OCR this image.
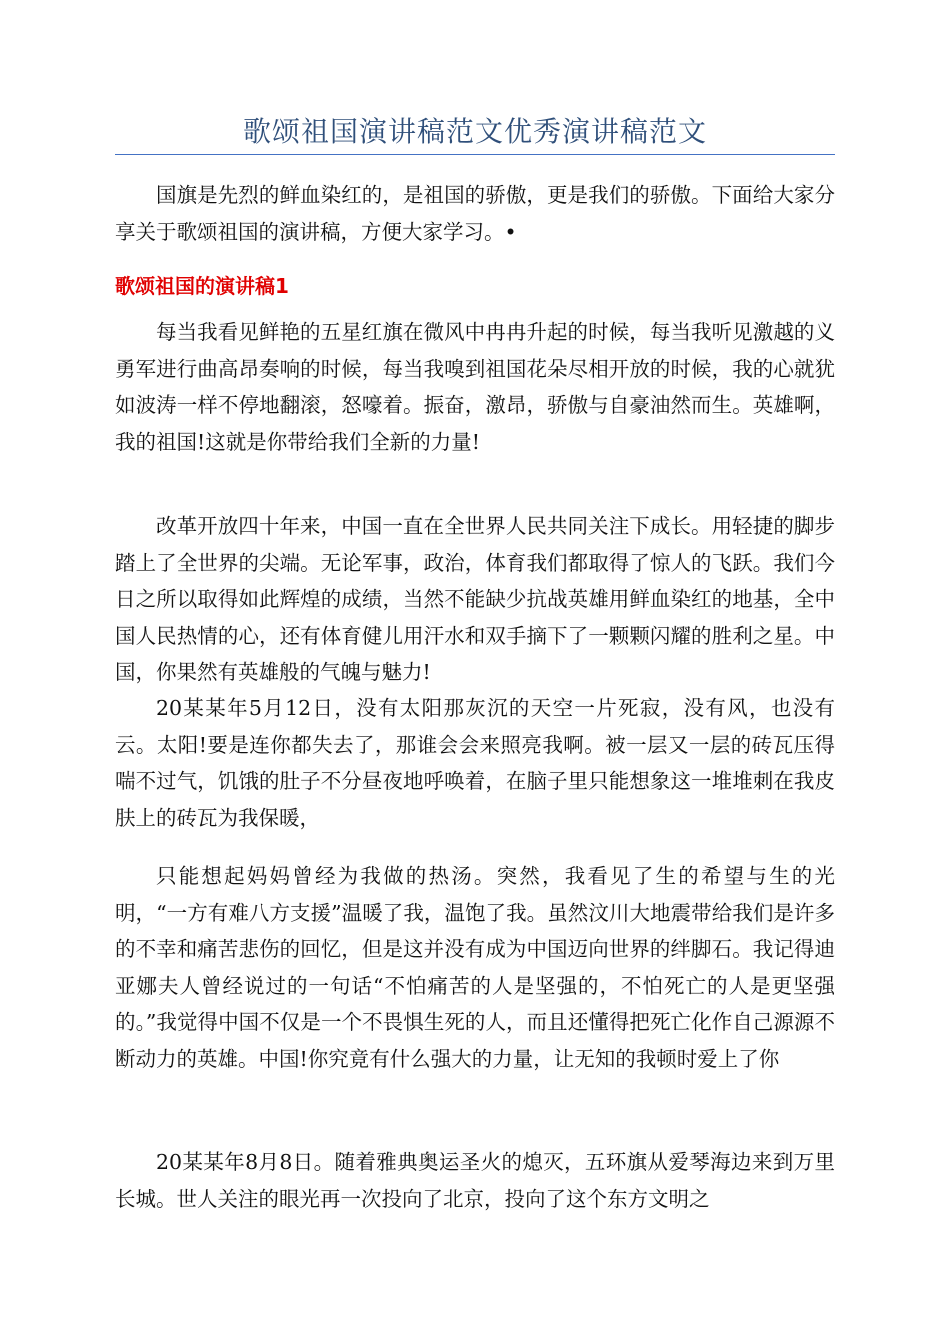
歌颂祖国演讲稿范文优秀演讲稿范文

国旗是先烈的鲜血染红的，是祖国的骄傲，更是我们的骄傲。下面给大家分享关于歌颂祖国的演讲稿，方便大家学习。•

歌颂祖国的演讲稿1

每当我看见鲜艳的五星红旗在微风中冉冉升起的时候，每当我听见激越的义勇军进行曲高昂奏响的时候，每当我嗅到祖国花朵尽相开放的时候，我的心就犹如波涛一样不停地翻滚，怒嚎着。振奋，激昂，骄傲与自豪油然而生。英雄啊，我的祖国!这就是你带给我们全新的力量!

改革开放四十年来，中国一直在全世界人民共同关注下成长。用轻捷的脚步踏上了全世界的尖端。无论军事，政治，体育我们都取得了惊人的飞跃。我们今日之所以取得如此辉煌的成绩，当然不能缺少抗战英雄用鲜血染红的地基，全中国人民热情的心，还有体育健儿用汗水和双手摘下了一颗颗闪耀的胜利之星。中国，你果然有英雄般的气魄与魅力!

20某某年5月12日，没有太阳那灰沉的天空一片死寂，没有风，也没有云。太阳!要是连你都失去了，那谁会会来照亮我啊。被一层又一层的砖瓦压得喘不过气，饥饿的肚子不分昼夜地呼唤着，在脑子里只能想象这一堆堆刺在我皮肤上的砖瓦为我保暖，

只能想起妈妈曾经为我做的热汤。突然，我看见了生的希望与生的光明，“一方有难八方支援”温暖了我，温饱了我。虽然汶川大地震带给我们是许多的不幸和痛苦悲伤的回忆，但是这并没有成为中国迈向世界的绊脚石。我记得迪亚娜夫人曾经说过的一句话“不怕痛苦的人是坚强的，不怕死亡的人是更坚强的。”我觉得中国不仅是一个不畏惧生死的人，而且还懂得把死亡化作自己源源不断动力的英雄。中国!你究竟有什么强大的力量，让无知的我顿时爱上了你

20某某年8月8日。随着雅典奥运圣火的熄灭，五环旗从爱琴海边来到万里长城。世人关注的眼光再一次投向了北京，投向了这个东方文明之
